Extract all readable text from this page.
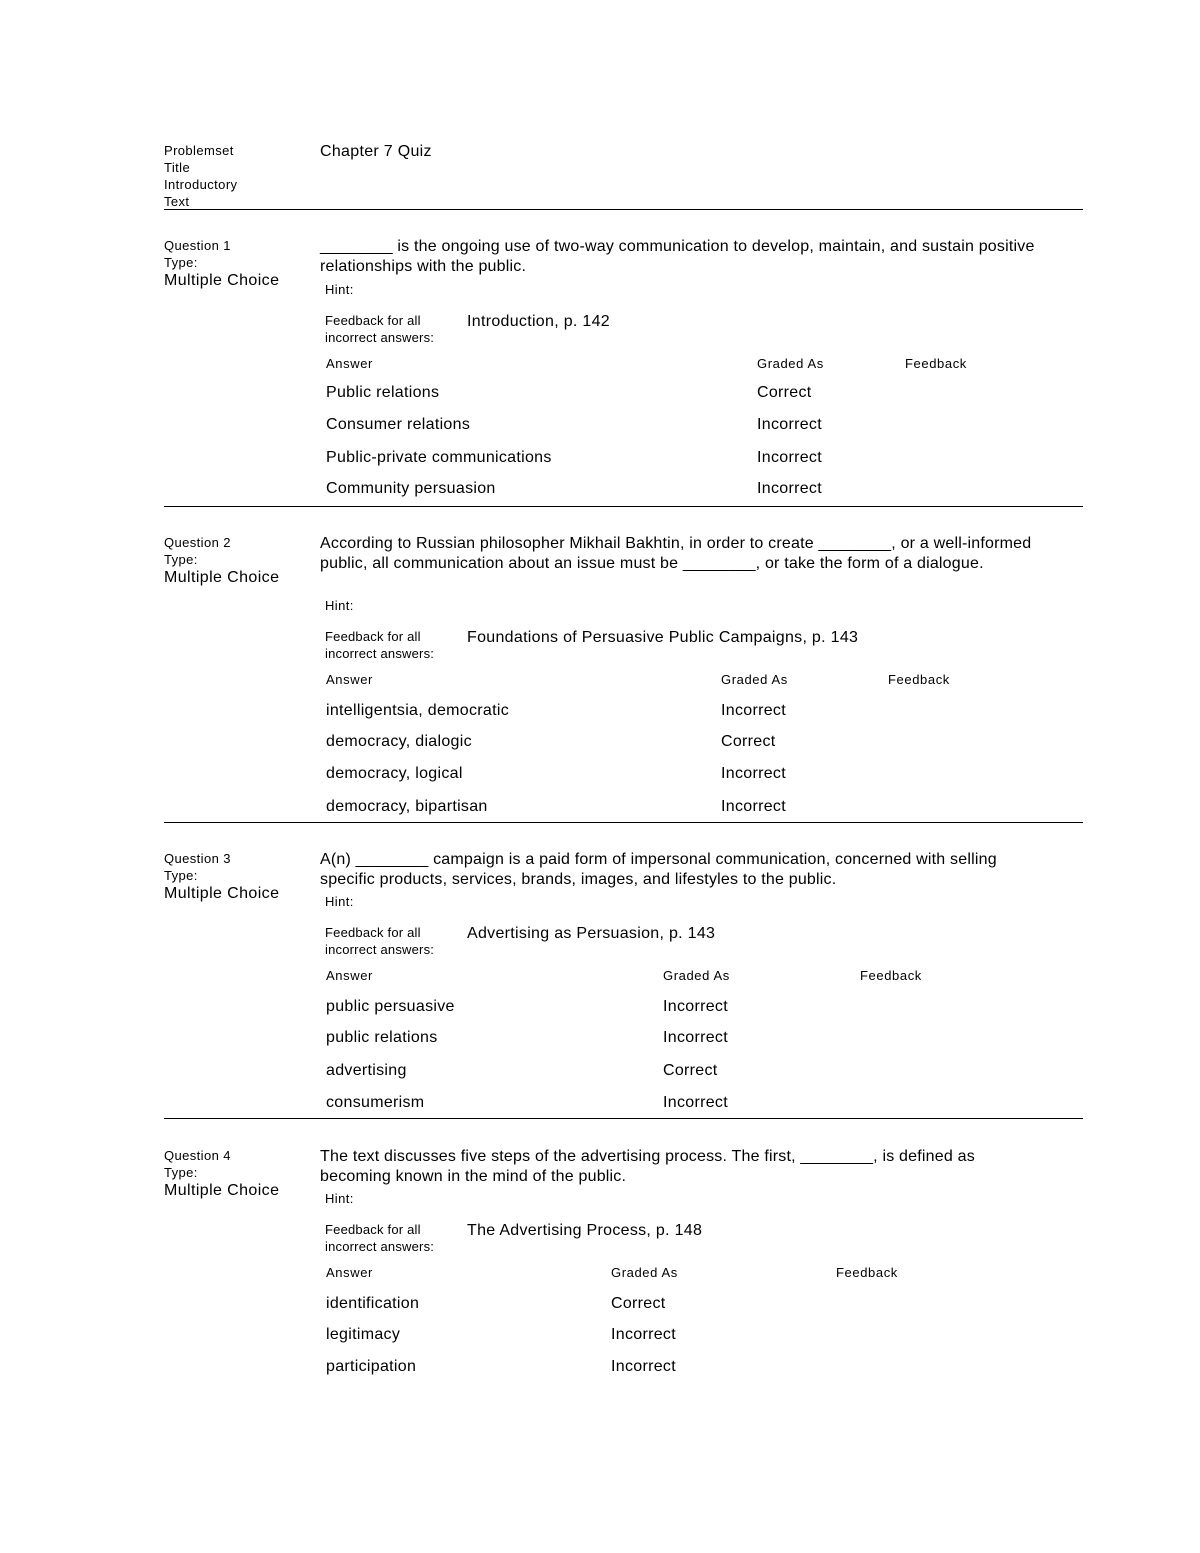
Problemset
Title
Introductory
Text
Chapter 7 Quiz
Question 1
Type:
Multiple Choice
________ is the ongoing use of two-way communication to develop, maintain, and sustain positive relationships with the public.
Hint:
Feedback for all
incorrect answers:
Introduction, p. 142
Answer	Graded As	Feedback
Public relations	Correct
Consumer relations	Incorrect
Public-private communications	Incorrect
Community persuasion	Incorrect
Question 2
Type:
Multiple Choice
According to Russian philosopher Mikhail Bakhtin, in order to create ________, or a well-informed public, all communication about an issue must be ________, or take the form of a dialogue.
Hint:
Feedback for all
incorrect answers:
Foundations of Persuasive Public Campaigns, p. 143
Answer	Graded As	Feedback
intelligentsia, democratic	Incorrect
democracy, dialogic	Correct
democracy, logical	Incorrect
democracy, bipartisan	Incorrect
Question 3
Type:
Multiple Choice
A(n) ________ campaign is a paid form of impersonal communication, concerned with selling specific products, services, brands, images, and lifestyles to the public.
Hint:
Feedback for all
incorrect answers:
Advertising as Persuasion, p. 143
Answer	Graded As	Feedback
public persuasive	Incorrect
public relations	Incorrect
advertising	Correct
consumerism	Incorrect
Question 4
Type:
Multiple Choice
The text discusses five steps of the advertising process. The first, ________, is defined as becoming known in the mind of the public.
Hint:
Feedback for all
incorrect answers:
The Advertising Process, p. 148
Answer	Graded As	Feedback
identification	Correct
legitimacy	Incorrect
participation	Incorrect
